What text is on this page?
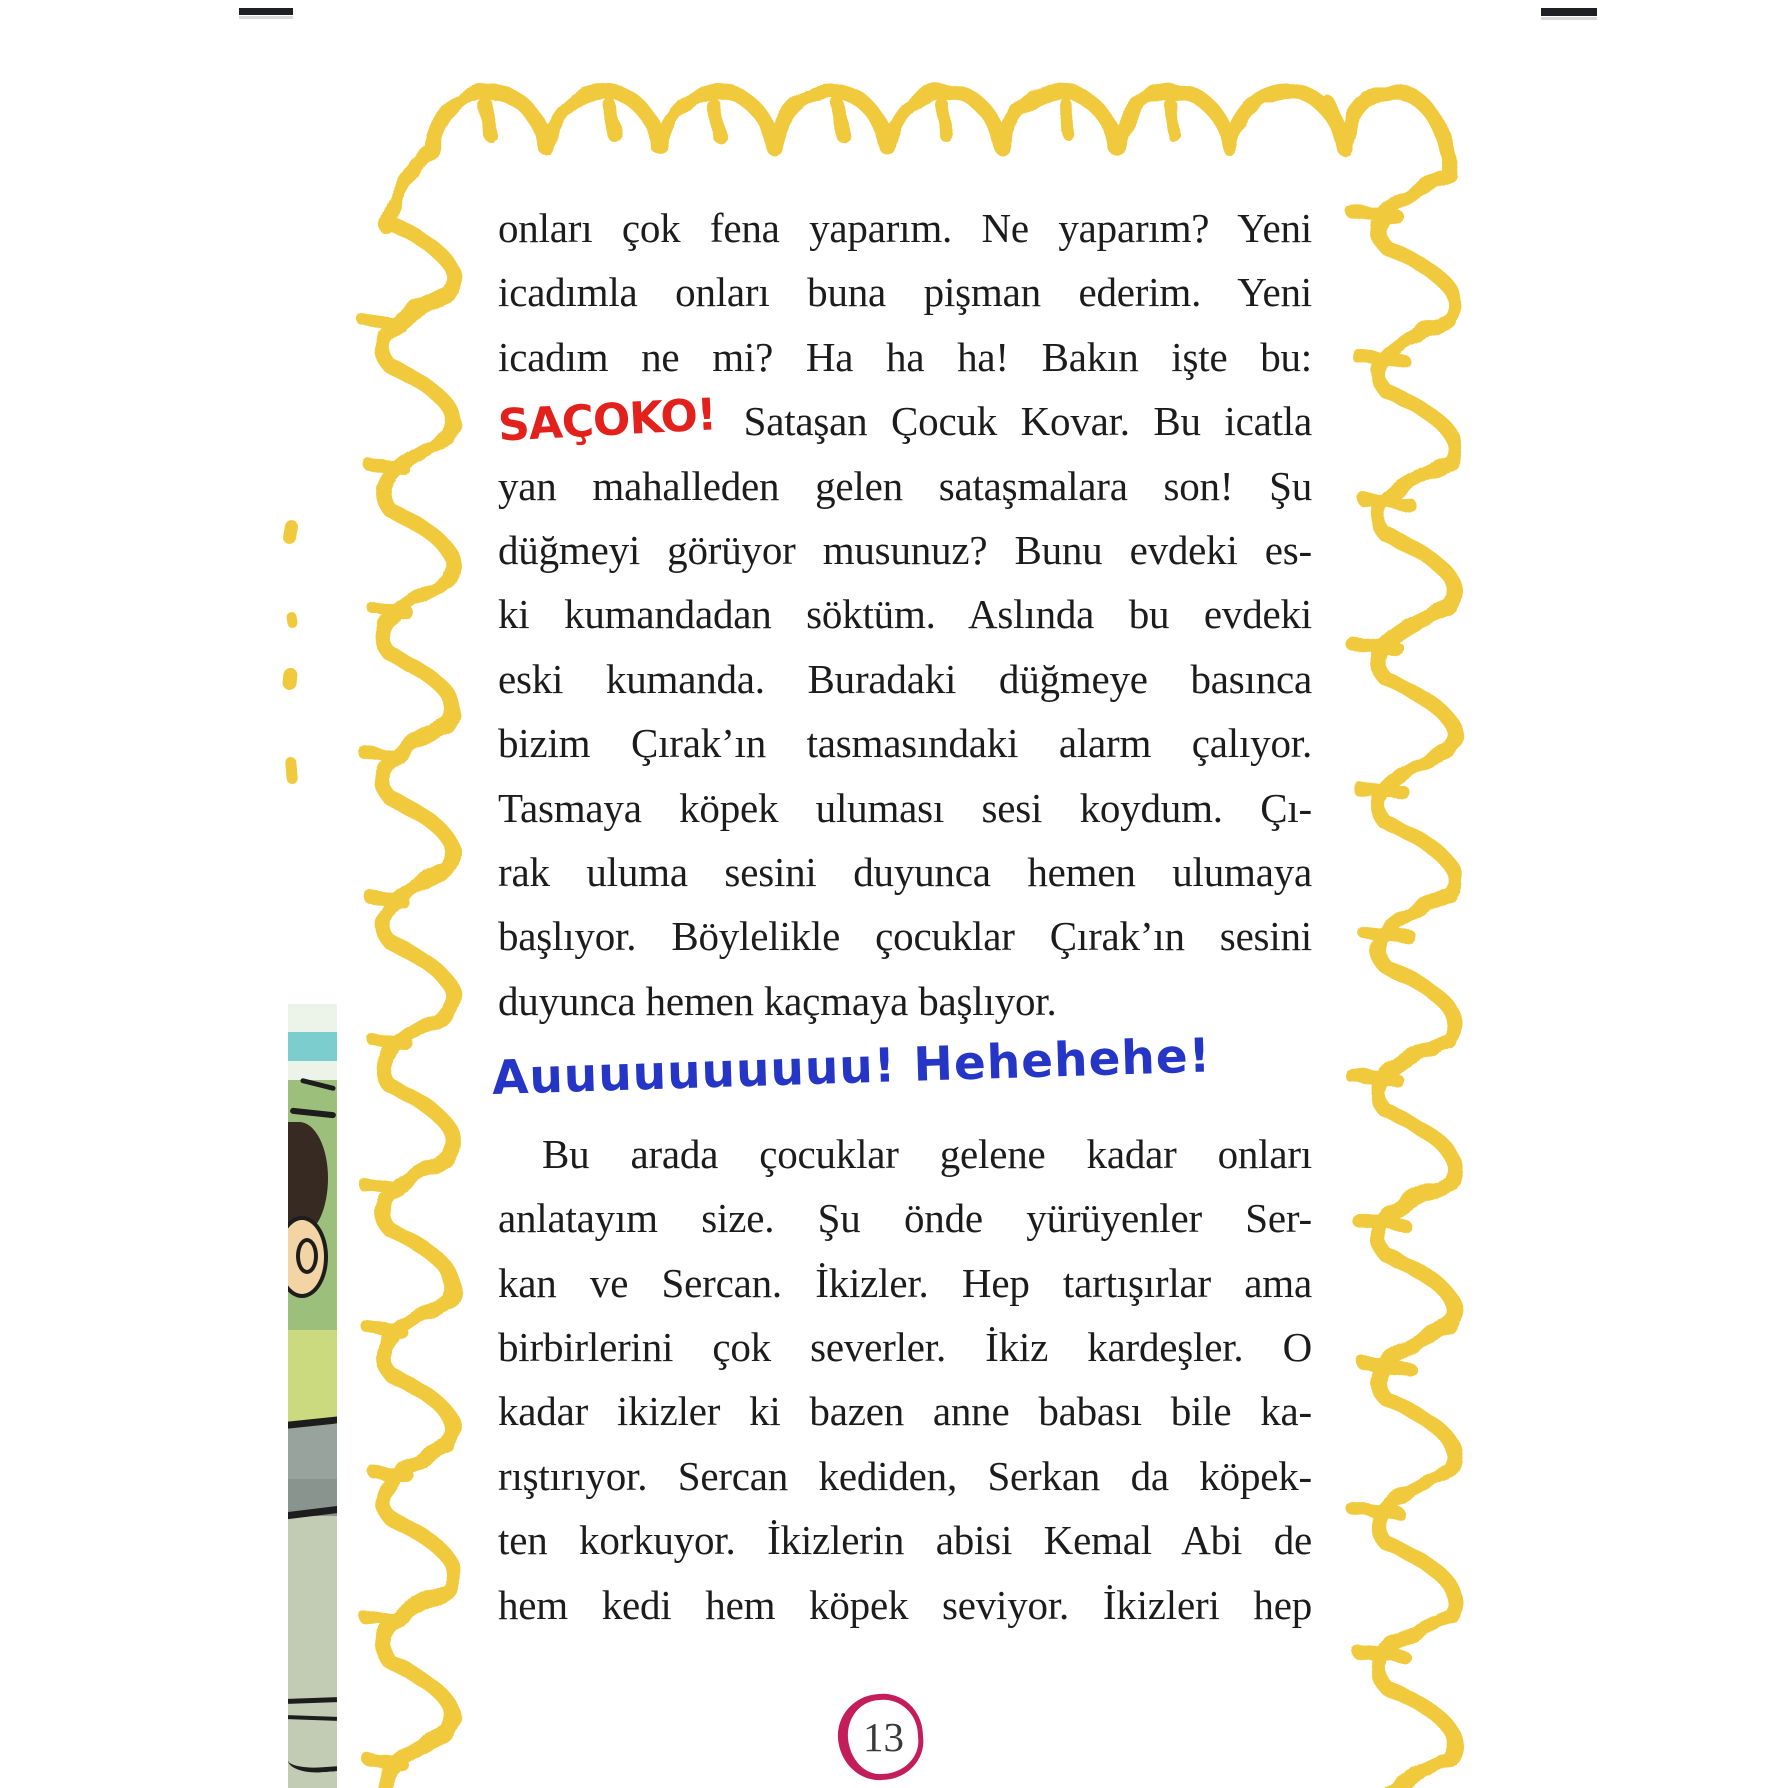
onları çok fena yaparım. Ne yaparım? Yeni
icadımla onları buna pişman ederim. Yeni
icadım ne mi? Ha ha ha! Bakın işte bu:
SAÇOKO! Sataşan Çocuk Kovar. Bu icatla
yan mahalleden gelen sataşmalara son! Şu
düğmeyi görüyor musunuz? Bunu evdeki es-
ki kumandadan söktüm. Aslında bu evdeki
eski kumanda. Buradaki düğmeye basınca
bizim Çırak’ın tasmasındaki alarm çalıyor.
Tasmaya köpek uluması sesi koydum. Çı-
rak uluma sesini duyunca hemen ulumaya
başlıyor. Böylelikle çocuklar Çırak’ın sesini
duyunca hemen kaçmaya başlıyor.
Auuuuuuuuuu! Hehehehe!
Bu arada çocuklar gelene kadar onları
anlatayım size. Şu önde yürüyenler Ser-
kan ve Sercan. İkizler. Hep tartışırlar ama
birbirlerini çok severler. İkiz kardeşler. O
kadar ikizler ki bazen anne babası bile ka-
rıştırıyor. Sercan kediden, Serkan da köpek-
ten korkuyor. İkizlerin abisi Kemal Abi de
hem kedi hem köpek seviyor. İkizleri hep
13
